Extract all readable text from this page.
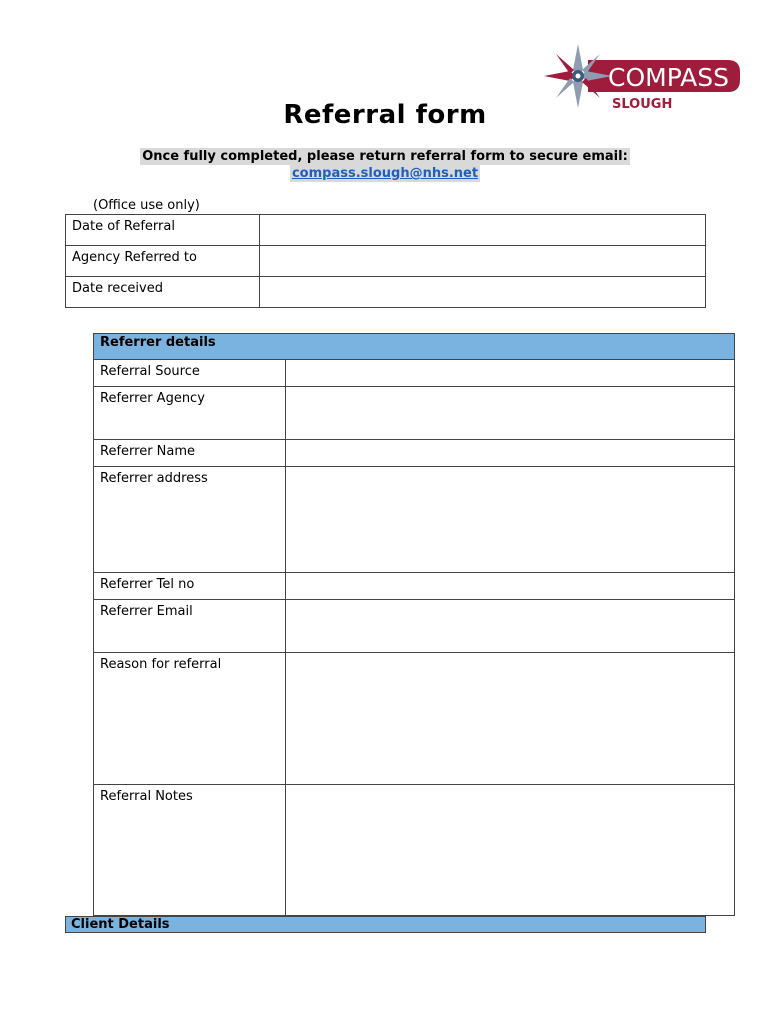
COMPASS
SLOUGH
Referral form
Once fully completed, please return referral form to secure email:
compass.slough@nhs.net
(Office use only)
Date of Referral	
Agency Referred to	
Date received	
Referrer details	
Referral Source	
Referrer Agency	
Referrer Name	
Referrer address	
Referrer Tel no	
Referrer Email	
Reason for referral	
Referral Notes	
Client Details
